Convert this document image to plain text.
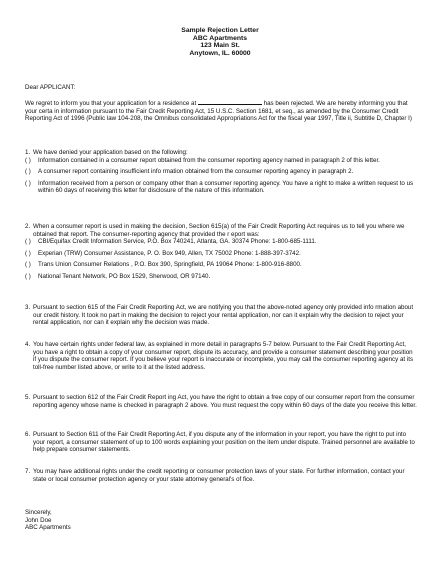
Sample Rejection Letter
ABC Apartments
123 Main St.
Anytown, IL. 60000
Dear APPLICANT:
We regret to inform you that your application for a residence at	has been rejected. We are hereby informing you that your certa in information pursuant to the Fair Credit Reporting Act, 15 U.S.C. Section 1681, et seq., as amended by the Consumer Credit Reporting Act of 1996 (Public law 104-208, the Omnibus consolidated Appropriations Act for the fiscal year 1997, Title ii, Subtitle D, Chapter I)
1. We have denied your application based on the following:
( )	Information contained in a consumer report obtained from the consumer reporting agency named in paragraph 2 of this letter.
( )	A consumer report containing insufficient info rmation obtained from the consumer reporting agency in paragraph 2.
( )	Information received from a person or company other than a consumer reporting agency. You have a right to make a written request to us within 60 days of receiving this letter for disclosure of the nature of this information.
2. When a consumer report is used in making the decision, Section 615(a) of the Fair Credit Reporting Act requires us to tell you where we obtained that report. The consumer-reporting agency that provided the r eport was:
( )	CBI/Equifax Credit Information Service, P.O. Box 740241, Atlanta, GA. 30374 Phone: 1-800-685-1111.
( )	Experian (TRW) Consumer Assistance, P. O. Box 949, Allen, TX 75002 Phone: 1-888-397-3742.
( )	Trans Union Consumer Relations , P.O. Box 390, Springfield, PA 19064 Phone: 1-800-916-8800.
( )	National Tenant Network, PO Box 1529, Sherwood, OR 97140.
3. Pursuant to section 615 of the Fair Credit Reporting Act, we are notifying you that the above-noted agency only provided info rmation about our credit history. It took no part in making the decision to reject your rental application, nor can it explain why the decision to reject your rental application, nor can it explain why the decision was made.
4. You have certain rights under federal law, as explained in more detail in paragraphs 5-7 below. Pursuant to the Fair Credit Reporting Act, you have a right to obtain a copy of your consumer report, dispute its accuracy, and provide a consumer statement describing your position if you dispute the consumer report. If you believe your report is inaccurate or incomplete, you may call the consumer reporting agency at its toll-free number listed above, or write to it at the listed address.
5. Pursuant to section 612 of the Fair Credit Report ing Act, you have the right to obtain a free copy of our consumer report from the consumer reporting agency whose name is checked in paragraph 2 above. You must request the copy within 60 days of the date you receive this letter.
6. Pursuant to Section 611 of the Fair Credit Reporting Act, if you dispute any of the information in your report, you have the right to put into your report, a consumer statement of up to 100 words explaining your position on the item under dispute. Trained personnel are available to help prepare consumer statements.
7. You may have additional rights under the credit reporting or consumer protection laws of your state. For further information, contact your state or local consumer protection agency or your state attorney general's of fice.
Sincerely,
John Doe
ABC Apartments
